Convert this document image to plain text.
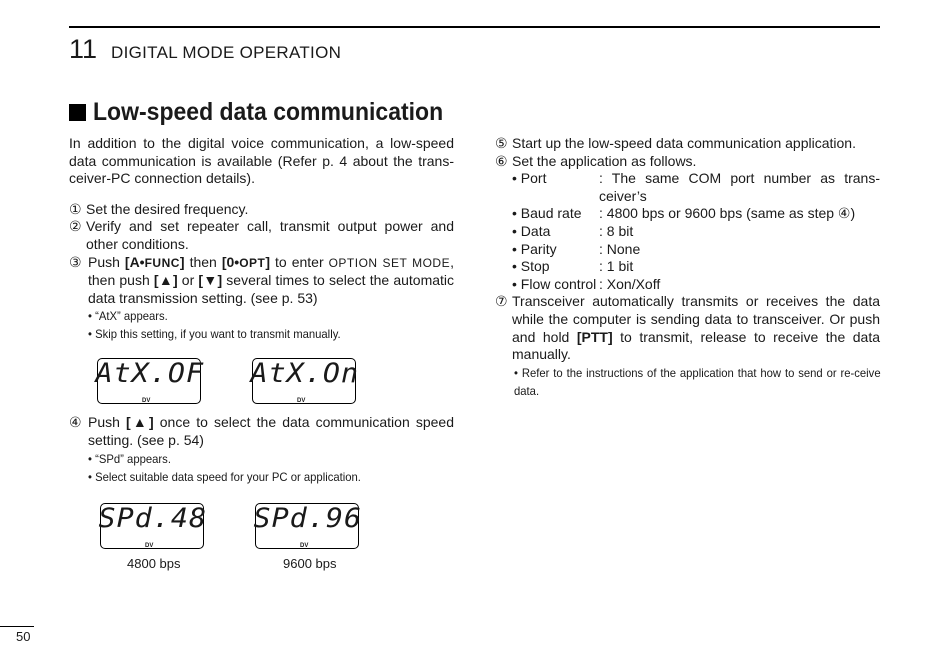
11 DIGITAL MODE OPERATION
Low-speed data communication

In addition to the digital voice communication, a low-speed data communication is available (Refer p. 4 about the trans-ceiver-PC connection details).

① Set the desired frequency.
② Verify and set repeater call, transmit output power and other conditions.
③ Push [A•FUNC] then [0•OPT] to enter OPTION SET MODE, then push [▲] or [▼] several times to select the automatic data transmission setting. (see p. 53)
• “AtX” appears.
• Skip this setting, if you want to transmit manually.
AtX.OF
DV
AtX.On
DV
④ Push [▲] once to select the data communication speed setting. (see p. 54)
• “SPd” appears.
• Select suitable data speed for your PC or application.
SPd.48
DV
SPd.96
DV
4800 bps	9600 bps
⑤ Start up the low-speed data communication application.
⑥ Set the application as follows.
• Port	: The same COM port number as trans-ceiver’s
• Baud rate	: 4800 bps or 9600 bps (same as step ④)
• Data	: 8 bit
• Parity	: None
• Stop	: 1 bit
• Flow control : Xon/Xoff
⑦ Transceiver automatically transmits or receives the data while the computer is sending data to transceiver. Or push and hold [PTT] to transmit, release to receive the data manually.
• Refer to the instructions of the application that how to send or re-ceive data.
50
